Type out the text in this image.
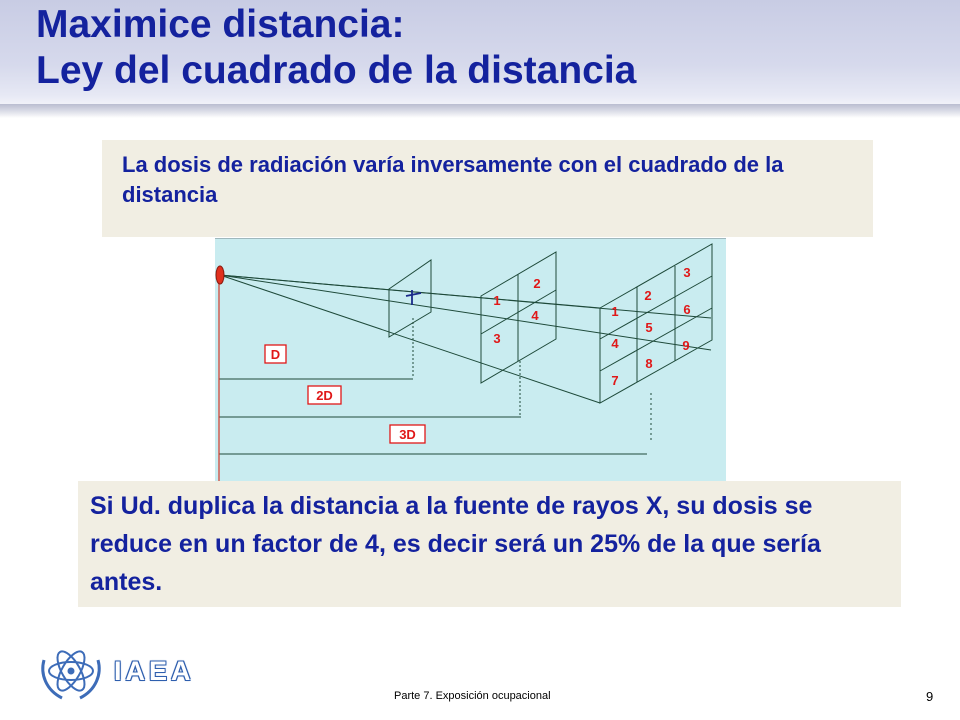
Maximice distancia:
Ley del cuadrado de la distancia

La dosis de radiación varía inversamente con el cuadrado de la distancia

D
2D
3D
1
2
3
4	1
2
3
4
5
6
7
8
9

Si Ud. duplica la distancia a la fuente de rayos X, su dosis se reduce en un factor de 4, es decir será un 25% de la que sería antes.

IAEA
Parte 7. Exposición ocupacional	9
